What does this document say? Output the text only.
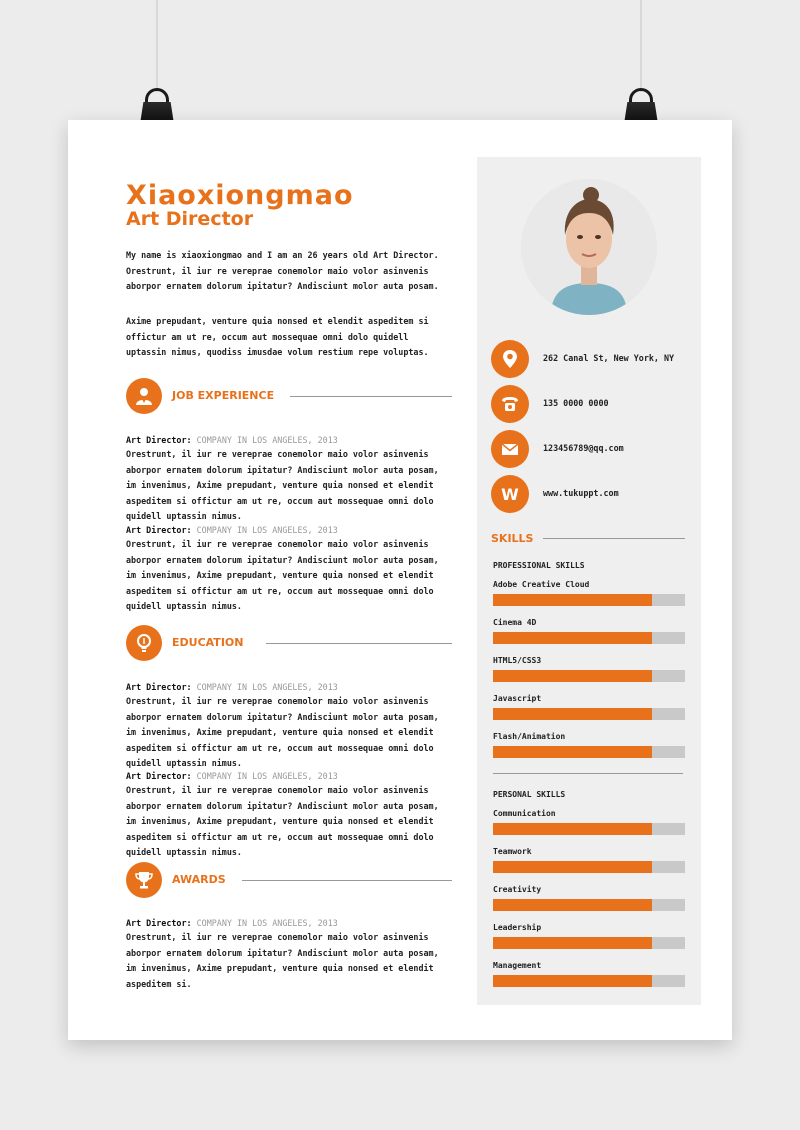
Xiaoxiongmao
Art Director
My name is xiaoxiongmao and I am an 26 years old Art Director. Orestrunt, il iur re vereprae conemolor maio volor asinvenis aborpor ernatem dolorum ipitatur? Andisciunt molor auta posam.
Axime prepudant, venture quia nonsed et elendit aspeditem si offictur am ut re, occum aut mossequae omni dolo quidell uptassin nimus, quodiss imusdae volum restium repe voluptas.
JOB EXPERIENCE
Art Director: COMPANY IN LOS ANGELES, 2013
Orestrunt, il iur re vereprae conemolor maio volor asinvenis aborpor ernatem dolorum ipitatur? Andisciunt molor auta posam, im invenimus, Axime prepudant, venture quia nonsed et elendit aspeditem si offictur am ut re, occum aut mossequae omni dolo quidell uptassin nimus.
Art Director: COMPANY IN LOS ANGELES, 2013
Orestrunt, il iur re vereprae conemolor maio volor asinvenis aborpor ernatem dolorum ipitatur? Andisciunt molor auta posam, im invenimus, Axime prepudant, venture quia nonsed et elendit aspeditem si offictur am ut re, occum aut mossequae omni dolo quidell uptassin nimus.
EDUCATION
Art Director: COMPANY IN LOS ANGELES, 2013
Orestrunt, il iur re vereprae conemolor maio volor asinvenis aborpor ernatem dolorum ipitatur? Andisciunt molor auta posam, im invenimus, Axime prepudant, venture quia nonsed et elendit aspeditem si offictur am ut re, occum aut mossequae omni dolo quidell uptassin nimus.
Art Director: COMPANY IN LOS ANGELES, 2013
Orestrunt, il iur re vereprae conemolor maio volor asinvenis aborpor ernatem dolorum ipitatur? Andisciunt molor auta posam, im invenimus, Axime prepudant, venture quia nonsed et elendit aspeditem si offictur am ut re, occum aut mossequae omni dolo quidell uptassin nimus.
AWARDS
Art Director: COMPANY IN LOS ANGELES, 2013
Orestrunt, il iur re vereprae conemolor maio volor asinvenis aborpor ernatem dolorum ipitatur? Andisciunt molor auta posam, im invenimus, Axime prepudant, venture quia nonsed et elendit aspeditem si.
262 Canal St, New York, NY
135 0000 0000
123456789@qq.com
W	www.tukuppt.com
SKILLS
PROFESSIONAL SKILLS
Adobe Creative Cloud
Cinema 4D
HTML5/CSS3
Javascript
Flash/Animation
PERSONAL SKILLS
Communication
Teamwork
Creativity
Leadership
Management
